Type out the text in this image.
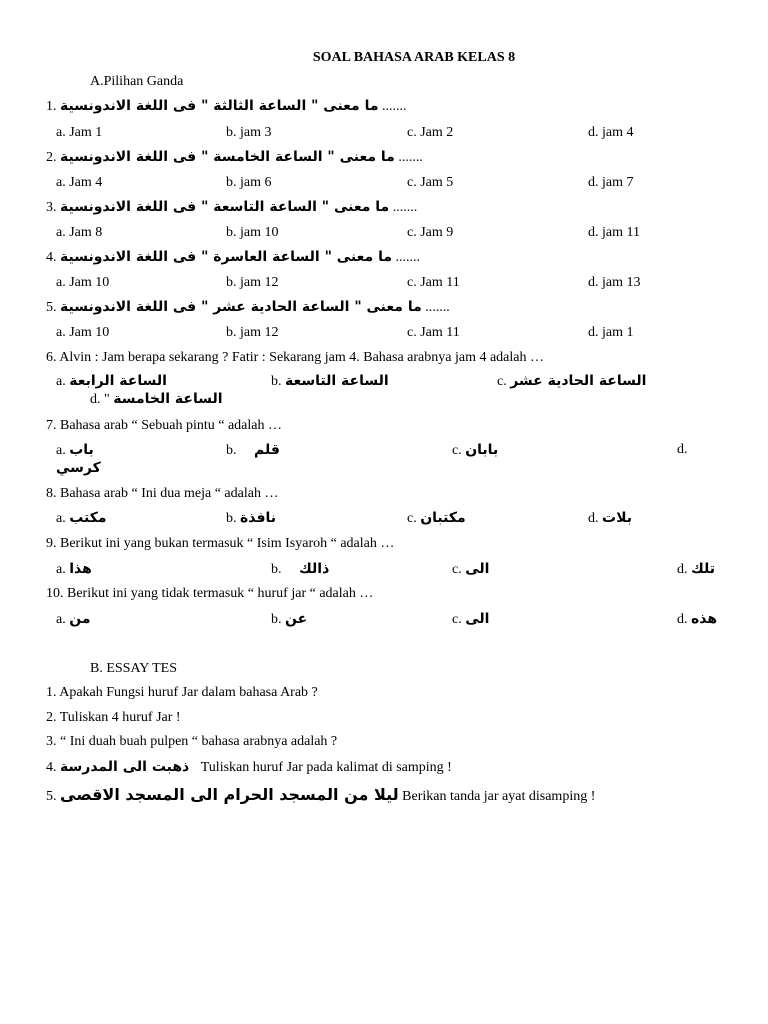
SOAL BAHASA ARAB KELAS 8
A.Pilihan Ganda
1. ما معنى " الساعة الثالثة " فى اللغة الاندونسية .......
a. Jam 1	b. jam 3	c. Jam 2	d. jam 4
2. ما معنى " الساعة الخامسة " فى اللغة الاندونسية .......
a. Jam 4	b. jam 6	c. Jam 5	d. jam 7
3. ما معنى " الساعة التاسعة " فى اللغة الاندونسية .......
a. Jam 8	b. jam 10	c. Jam 9	d. jam 11
4. ما معنى " الساعة العاسرة " فى اللغة الاندونسية .......
a. Jam 10	b. jam 12	c. Jam 11	d. jam 13
5. ما معنى " الساعة الحادية عشر " فى اللغة الاندونسية .......
a. Jam 10	b. jam 12	c. Jam 11	d. jam 1
6. Alvin : Jam berapa sekarang ? Fatir : Sekarang jam 4. Bahasa arabnya jam 4 adalah …
a. الساعة الرابعة	b. الساعة التاسعة	c. الساعة الحادية عشر
d. " الساعة الخامسة
7. Bahasa arab “ Sebuah pintu “ adalah …
a. باب	b. قلم	c. بابان	d.
كرسي
8. Bahasa arab “ Ini dua meja “ adalah …
a. مكتب	b. نافذة	c. مكتبان	d. بلات
9. Berikut ini yang bukan termasuk “ Isim Isyaroh “ adalah …
a. هذا	b. ذالك	c. الى	d. تلك
10. Berikut ini yang tidak termasuk “ huruf jar “ adalah …
a. من	b. عن	c. الى	d. هذه
B. ESSAY TES
1. Apakah Fungsi huruf Jar dalam bahasa Arab ?
2. Tuliskan 4 huruf Jar !
3. “ Ini duah buah pulpen “ bahasa arabnya adalah ?
4. ذهبت الى المدرسة Tuliskan huruf Jar pada kalimat di samping !
5. ليلا من المسجد الحرام الى المسجد الاقصى Berikan tanda jar ayat disamping !
